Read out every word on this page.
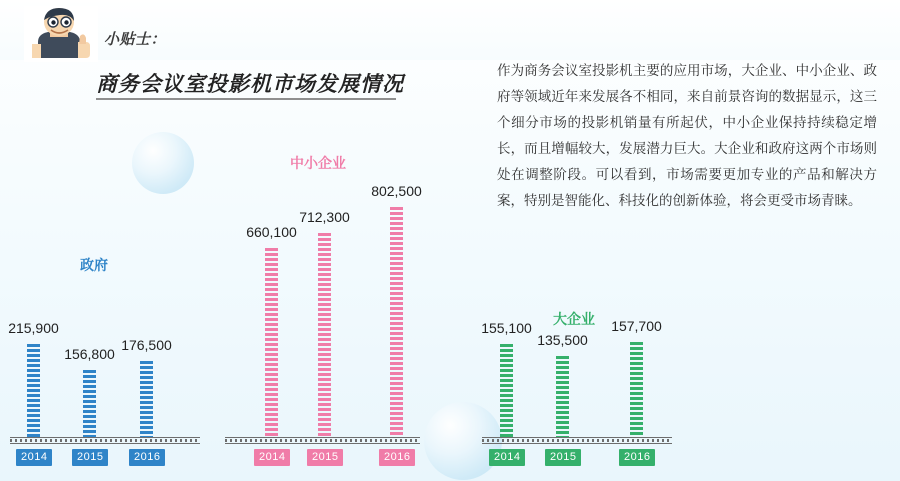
小贴士：
商务会议室投影机市场发展情况
作为商务会议室投影机主要的应用市场，大企业、中小企业、政府等领域近年来发展各不相同，来自前景咨询的数据显示，这三个细分市场的投影机销量有所起伏，中小企业保持持续稳定增长，而且增幅较大，发展潜力巨大。大企业和政府这两个市场则处在调整阶段。可以看到，市场需要更加专业的产品和解决方案，特别是智能化、科技化的创新体验，将会更受市场青睐。
政府
215,900
2014
156,800
2015
176,500
2016
中小企业
660,100
2014
712,300
2015
802,500
2016
大企业
155,100
2014
135,500
2015
157,700
2016
